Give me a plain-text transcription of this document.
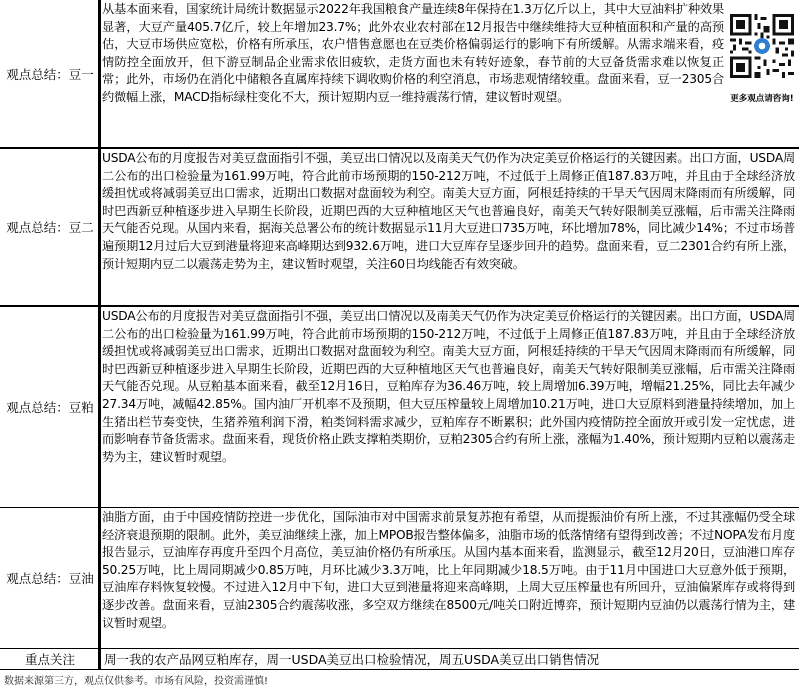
观点总结：豆一
从基本面来看，国家统计局统计数据显示2022年我国粮食产量连续8年保持在1.3万亿斤以上，其中大豆油料扩种效果显著，大豆产量405.7亿斤，较上年增加23.7%；此外农业农村部在12月报告中继续维持大豆种植面积和产量的高预估，大豆市场供应宽松，价格有所承压，农户惜售意愿也在豆类价格偏弱运行的影响下有所缓解。从需求端来看，疫情防控全面放开，但下游豆制品企业需求依旧疲软，走货方面也未有转好迹象，春节前的大豆备货需求难以恢复正常；此外，市场仍在消化中储粮各直属库持续下调收购价格的利空消息，市场悲观情绪较重。盘面来看，豆一2305合约微幅上涨，MACD指标绿柱变化不大，预计短期内豆一维持震荡行情，建议暂时观望。	更多观点请咨询!
观点总结：豆二
USDA公布的月度报告对美豆盘面指引不强，美豆出口情况以及南美天气仍作为决定美豆价格运行的关键因素。出口方面，USDA周二公布的出口检验量为161.99万吨，符合此前市场预期的150-212万吨，不过低于上周修正值187.83万吨，并且由于全球经济放缓担忧或将减弱美豆出口需求，近期出口数据对盘面较为利空。南美大豆方面，阿根廷持续的干旱天气因周末降雨而有所缓解，同时巴西新豆种植逐步进入早期生长阶段，近期巴西的大豆种植地区天气也普遍良好，南美天气转好限制美豆涨幅，后市需关注降雨天气能否兑现。从国内来看，据海关总署公布的统计数据显示11月大豆进口735万吨，环比增加78%，同比减少14%；不过市场普遍预期12月过后大豆到港量将迎来高峰期达到932.6万吨，进口大豆库存呈逐步回升的趋势。盘面来看，豆二2301合约有所上涨，预计短期内豆二以震荡走势为主，建议暂时观望，关注60日均线能否有效突破。
观点总结：豆粕
USDA公布的月度报告对美豆盘面指引不强，美豆出口情况以及南美天气仍作为决定美豆价格运行的关键因素。出口方面，USDA周二公布的出口检验量为161.99万吨，符合此前市场预期的150-212万吨，不过低于上周修正值187.83万吨，并且由于全球经济放缓担忧或将减弱美豆出口需求，近期出口数据对盘面较为利空。南美大豆方面，阿根廷持续的干旱天气因周末降雨而有所缓解，同时巴西新豆种植逐步进入早期生长阶段，近期巴西的大豆种植地区天气也普遍良好，南美天气转好限制美豆涨幅，后市需关注降雨天气能否兑现。从豆粕基本面来看，截至12月16日，豆粕库存为36.46万吨，较上周增加6.39万吨，增幅21.25%，同比去年减少27.34万吨，减幅42.85%。国内油厂开机率不及预期，但大豆压榨量较上周增加10.21万吨，进口大豆原料到港量持续增加，加上生猪出栏节奏变快，生猪养殖利润下滑，粕类饲料需求减少，豆粕库存不断累积；此外国内疫情防控全面放开或引发一定忧虑，进而影响春节备货需求。盘面来看，现货价格止跌支撑粕类期价，豆粕2305合约有所上涨，涨幅为1.40%，预计短期内豆粕以震荡走势为主，建议暂时观望。
观点总结：豆油
油脂方面，由于中国疫情防控进一步优化，国际油市对中国需求前景复苏抱有希望，从而提振油价有所上涨，不过其涨幅仍受全球经济衰退预期的限制。此外，美豆油继续上涨，加上MPOB报告整体偏多，油脂市场的低落情绪有望得到改善；不过NOPA发布月度报告显示，豆油库存再度升至四个月高位，美豆油价格仍有所承压。从国内基本面来看，监测显示，截至12月20日，豆油港口库存50.25万吨，比上周同期减少0.85万吨，月环比减少3.3万吨，比上年同期减少18.5万吨。由于11月中国进口大豆意外低于预期，豆油库存料恢复较慢。不过进入12月中下旬，进口大豆到港量将迎来高峰期，上周大豆压榨量也有所回升，豆油偏紧库存或将得到逐步改善。盘面来看，豆油2305合约震荡收涨，多空双方继续在8500元/吨关口附近博弈，预计短期内豆油仍以震荡行情为主，建议暂时观望。
重点关注	周一我的农产品网豆粕库存，周一USDA美豆出口检验情况，周五USDA美豆出口销售情况
数据来源第三方，观点仅供参考。市场有风险，投资需谨慎!
